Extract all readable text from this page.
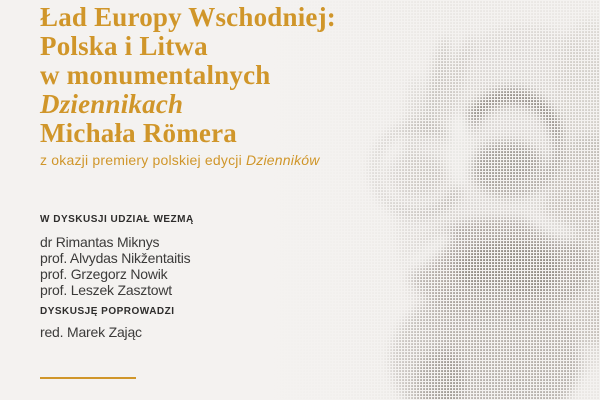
Ład Europy Wschodniej:
Polska i Litwa
w monumentalnych
Dziennikach
Michała Römera

z okazji premiery polskiej edycji Dzienników

W DYSKUSJI UDZIAŁ WEZMĄ
dr Rimantas Miknys
prof. Alvydas Nikžentaitis
prof. Grzegorz Nowik
prof. Leszek Zasztowt
DYSKUSJĘ POPROWADZI
red. Marek Zając
